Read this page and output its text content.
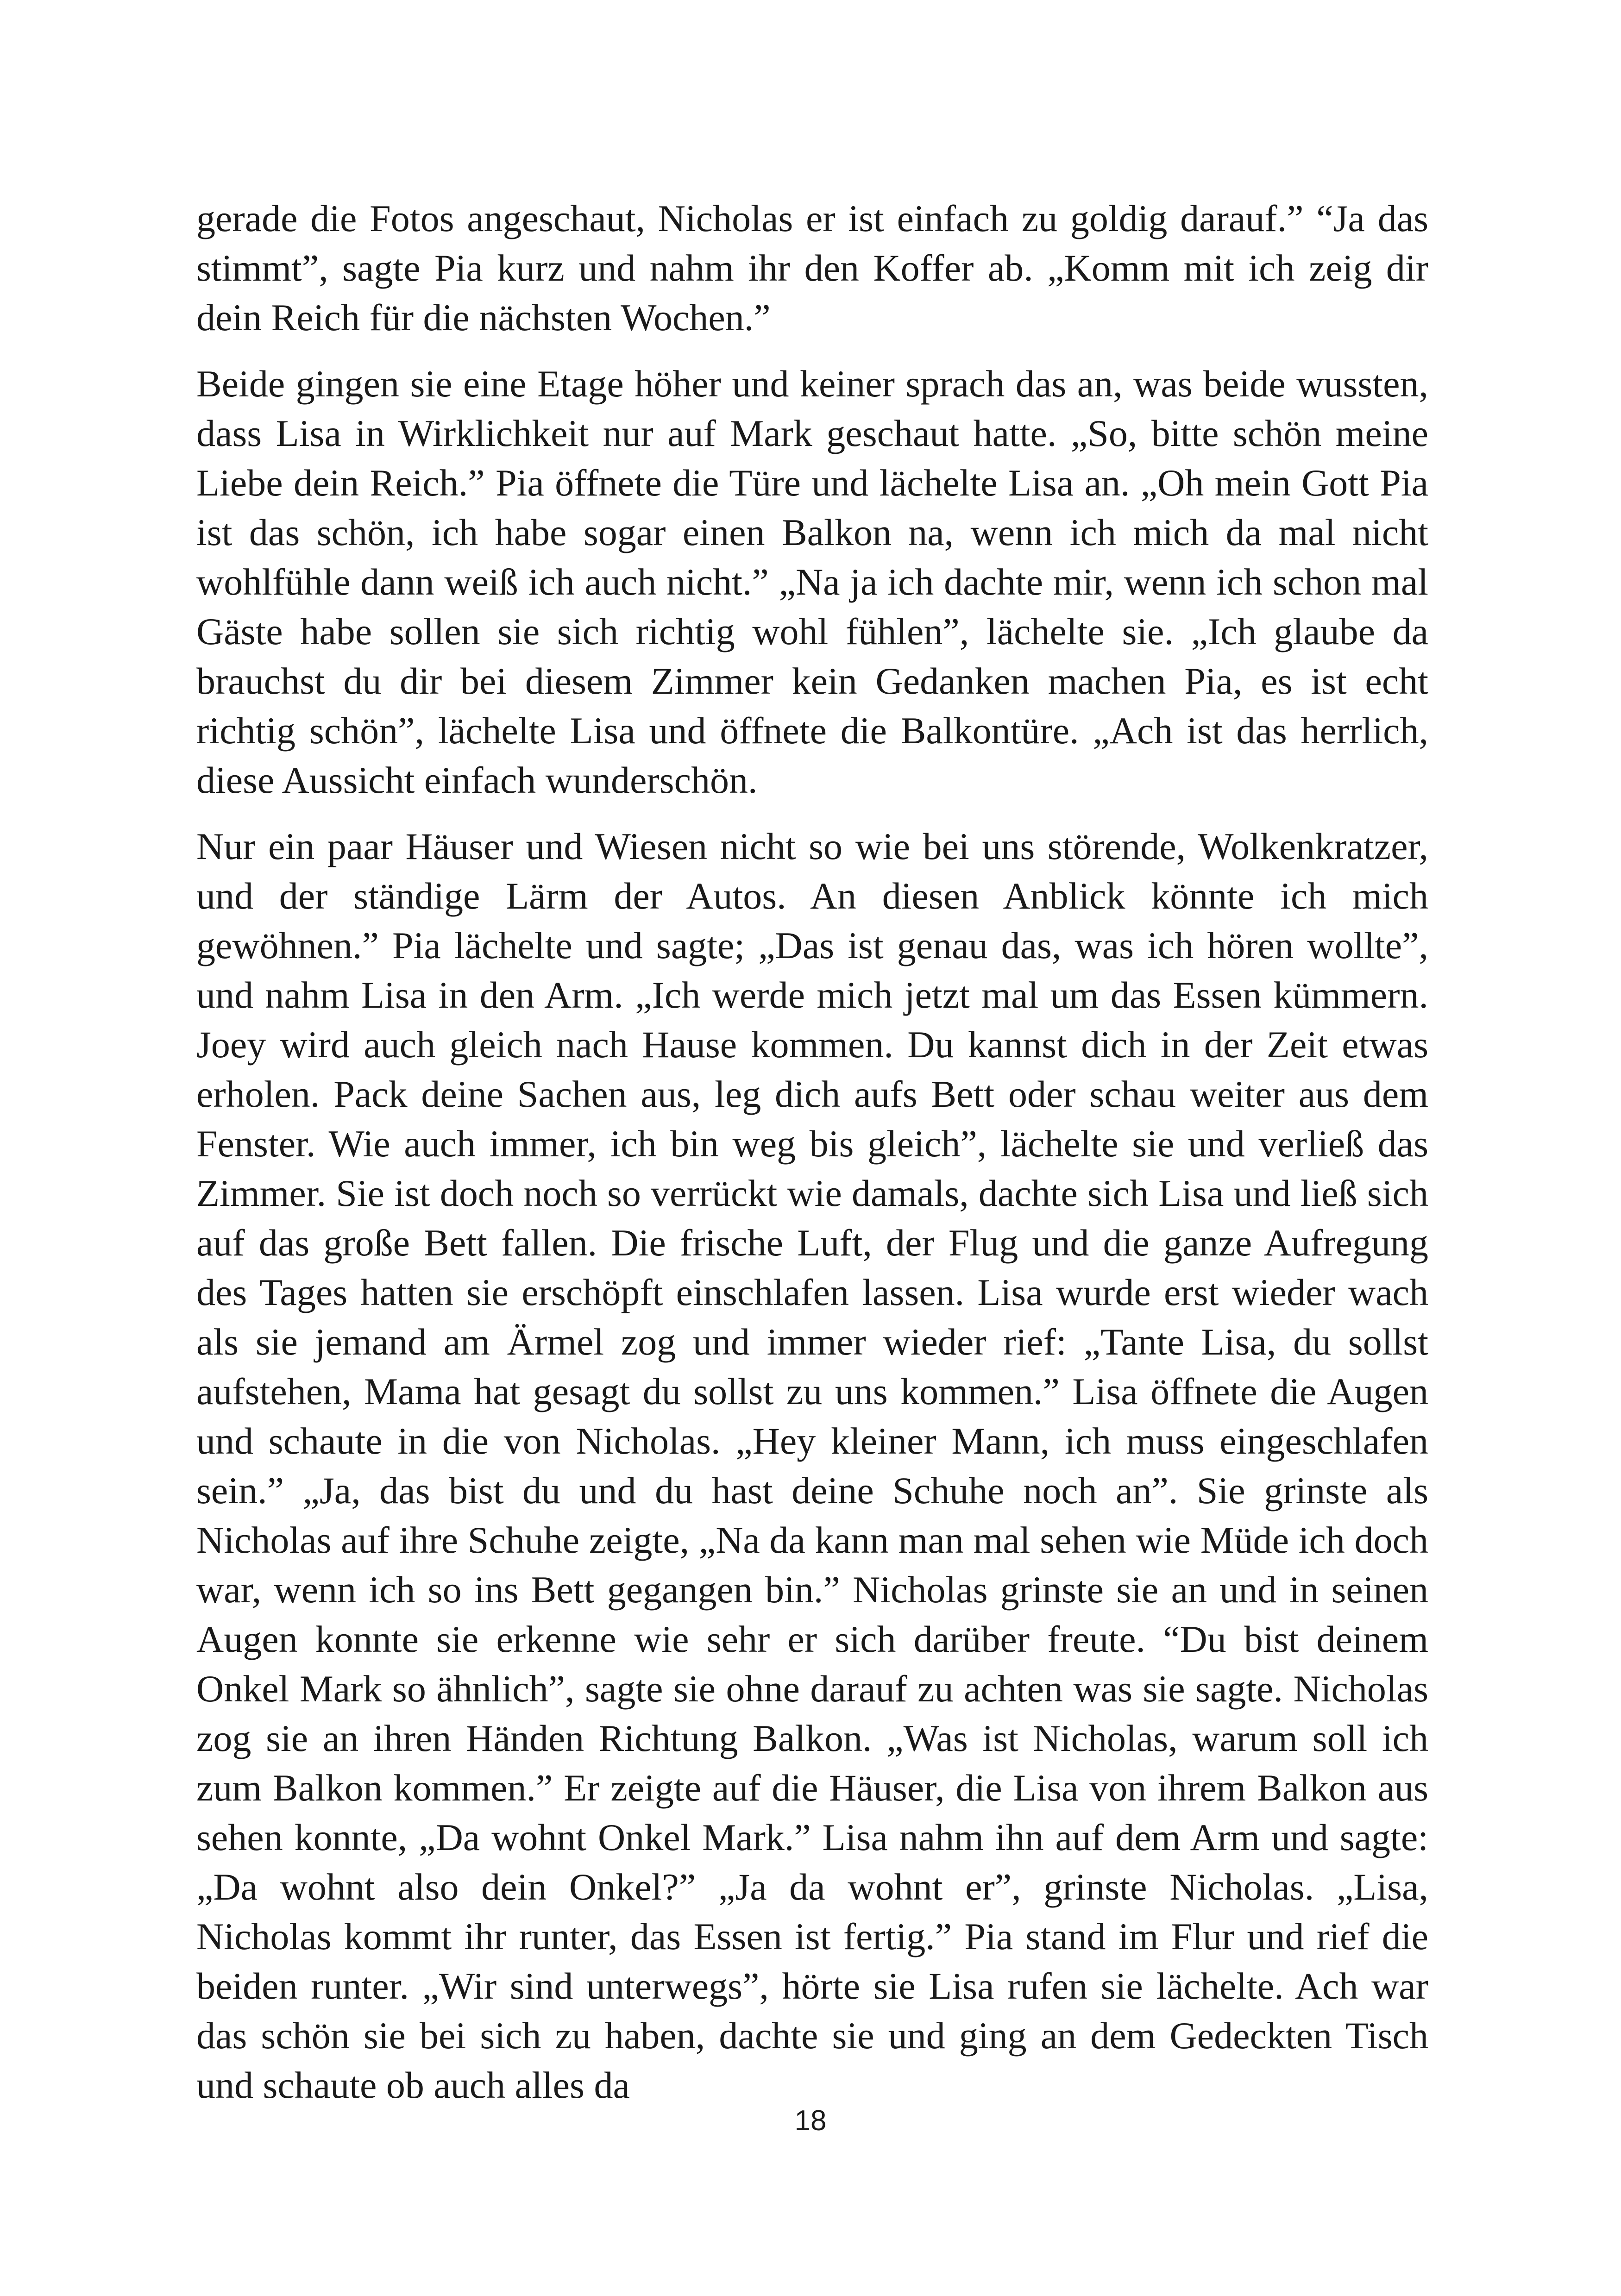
gerade die Fotos angeschaut, Nicholas er ist einfach zu goldig darauf.” “Ja das stimmt”, sagte Pia kurz und nahm ihr den Koffer ab. „Komm mit ich zeig dir dein Reich für die nächsten Wochen.”

Beide gingen sie eine Etage höher und keiner sprach das an, was beide wussten, dass Lisa in Wirklichkeit nur auf Mark geschaut hatte. „So, bitte schön meine Liebe dein Reich.” Pia öffnete die Türe und lächelte Lisa an. „Oh mein Gott Pia ist das schön, ich habe sogar einen Balkon na, wenn ich mich da mal nicht wohlfühle dann weiß ich auch nicht.” „Na ja ich dachte mir, wenn ich schon mal Gäste habe sollen sie sich richtig wohl fühlen”, lächelte sie. „Ich glaube da brauchst du dir bei diesem Zimmer kein Gedanken machen Pia, es ist echt richtig schön”, lächelte Lisa und öffnete die Balkontüre. „Ach ist das herrlich, diese Aussicht einfach wunderschön.

Nur ein paar Häuser und Wiesen nicht so wie bei uns störende, Wolkenkratzer, und der ständige Lärm der Autos. An diesen Anblick könnte ich mich gewöhnen.” Pia lächelte und sagte; „Das ist genau das, was ich hören wollte”, und nahm Lisa in den Arm. „Ich werde mich jetzt mal um das Essen kümmern. Joey wird auch gleich nach Hause kommen. Du kannst dich in der Zeit etwas erholen. Pack deine Sachen aus, leg dich aufs Bett oder schau weiter aus dem Fenster. Wie auch immer, ich bin weg bis gleich”, lächelte sie und verließ das Zimmer. Sie ist doch noch so verrückt wie damals, dachte sich Lisa und ließ sich auf das große Bett fallen. Die frische Luft, der Flug und die ganze Aufregung des Tages hatten sie erschöpft einschlafen lassen. Lisa wurde erst wieder wach als sie jemand am Ärmel zog und immer wieder rief: „Tante Lisa, du sollst aufstehen, Mama hat gesagt du sollst zu uns kommen.” Lisa öffnete die Augen und schaute in die von Nicholas. „Hey kleiner Mann, ich muss eingeschlafen sein.” „Ja, das bist du und du hast deine Schuhe noch an”. Sie grinste als Nicholas auf ihre Schuhe zeigte, „Na da kann man mal sehen wie Müde ich doch war, wenn ich so ins Bett gegangen bin.” Nicholas grinste sie an und in seinen Augen konnte sie erkenne wie sehr er sich darüber freute. “Du bist deinem Onkel Mark so ähnlich”, sagte sie ohne darauf zu achten was sie sagte. Nicholas zog sie an ihren Händen Richtung Balkon. „Was ist Nicholas, warum soll ich zum Balkon kommen.” Er zeigte auf die Häuser, die Lisa von ihrem Balkon aus sehen konnte, „Da wohnt Onkel Mark.” Lisa nahm ihn auf dem Arm und sagte: „Da wohnt also dein Onkel?” „Ja da wohnt er”, grinste Nicholas. „Lisa, Nicholas kommt ihr runter, das Essen ist fertig.” Pia stand im Flur und rief die beiden runter. „Wir sind unterwegs”, hörte sie Lisa rufen sie lächelte. Ach war das schön sie bei sich zu haben, dachte sie und ging an dem Gedeckten Tisch und schaute ob auch alles da

18
